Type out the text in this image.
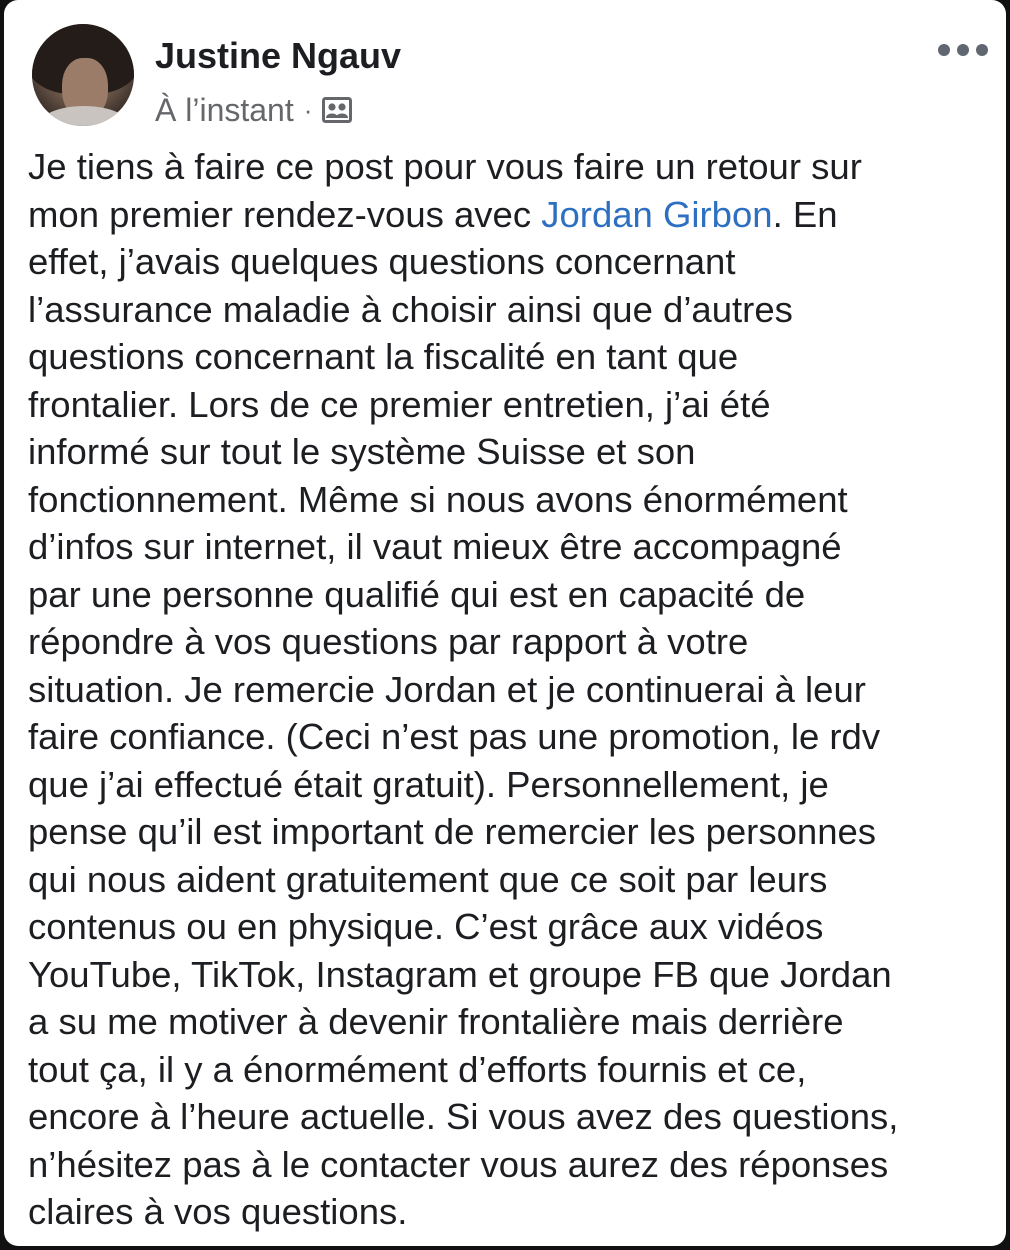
Justine Ngauv
À l’instant ·

Je tiens à faire ce post pour vous faire un retour sur
mon premier rendez-vous avec Jordan Girbon. En
effet, j’avais quelques questions concernant
l’assurance maladie à choisir ainsi que d’autres
questions concernant la fiscalité en tant que
frontalier. Lors de ce premier entretien, j’ai été
informé sur tout le système Suisse et son
fonctionnement. Même si nous avons énormément
d’infos sur internet, il vaut mieux être accompagné
par une personne qualifié qui est en capacité de
répondre à vos questions par rapport à votre
situation. Je remercie Jordan et je continuerai à leur
faire confiance. (Ceci n’est pas une promotion, le rdv
que j’ai effectué était gratuit). Personnellement, je
pense qu’il est important de remercier les personnes
qui nous aident gratuitement que ce soit par leurs
contenus ou en physique. C’est grâce aux vidéos
YouTube, TikTok, Instagram et groupe FB que Jordan
a su me motiver à devenir frontalière mais derrière
tout ça, il y a énormément d’efforts fournis et ce,
encore à l’heure actuelle. Si vous avez des questions,
n’hésitez pas à le contacter vous aurez des réponses
claires à vos questions.
